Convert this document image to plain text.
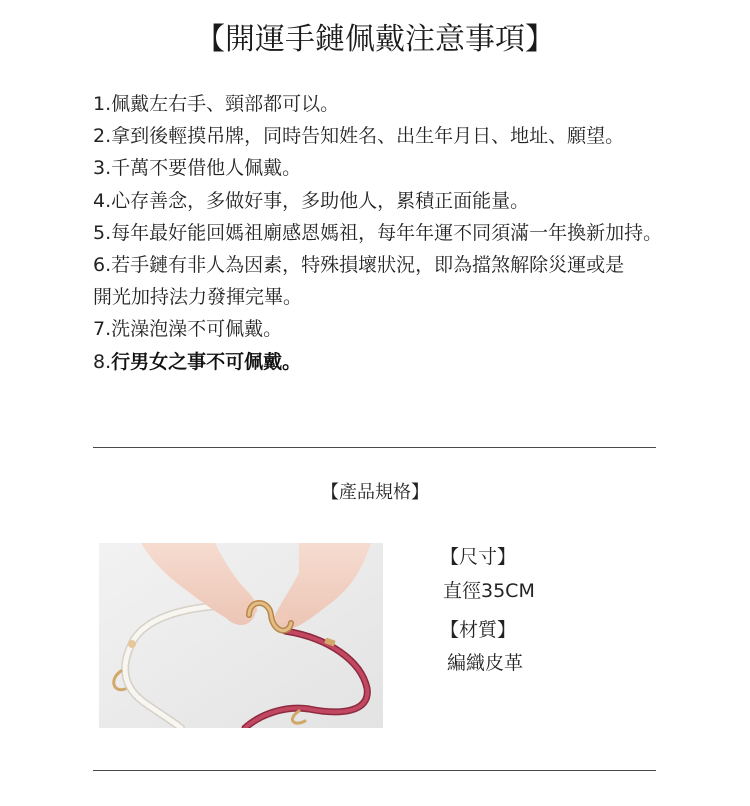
【開運手鏈佩戴注意事項】
1.佩戴左右手、頸部都可以。
2.拿到後輕摸吊牌，同時告知姓名、出生年月日、地址、願望。
3.千萬不要借他人佩戴。
4.心存善念，多做好事，多助他人，累積正面能量。
5.每年最好能回媽祖廟感恩媽祖，每年年運不同須滿一年換新加持。
6.若手鏈有非人為因素，特殊損壞狀況，即為擋煞解除災運或是
開光加持法力發揮完畢。
7.洗澡泡澡不可佩戴。
8.行男女之事不可佩戴。
【產品規格】
【尺寸】
直徑35CM
【材質】
編織皮革
